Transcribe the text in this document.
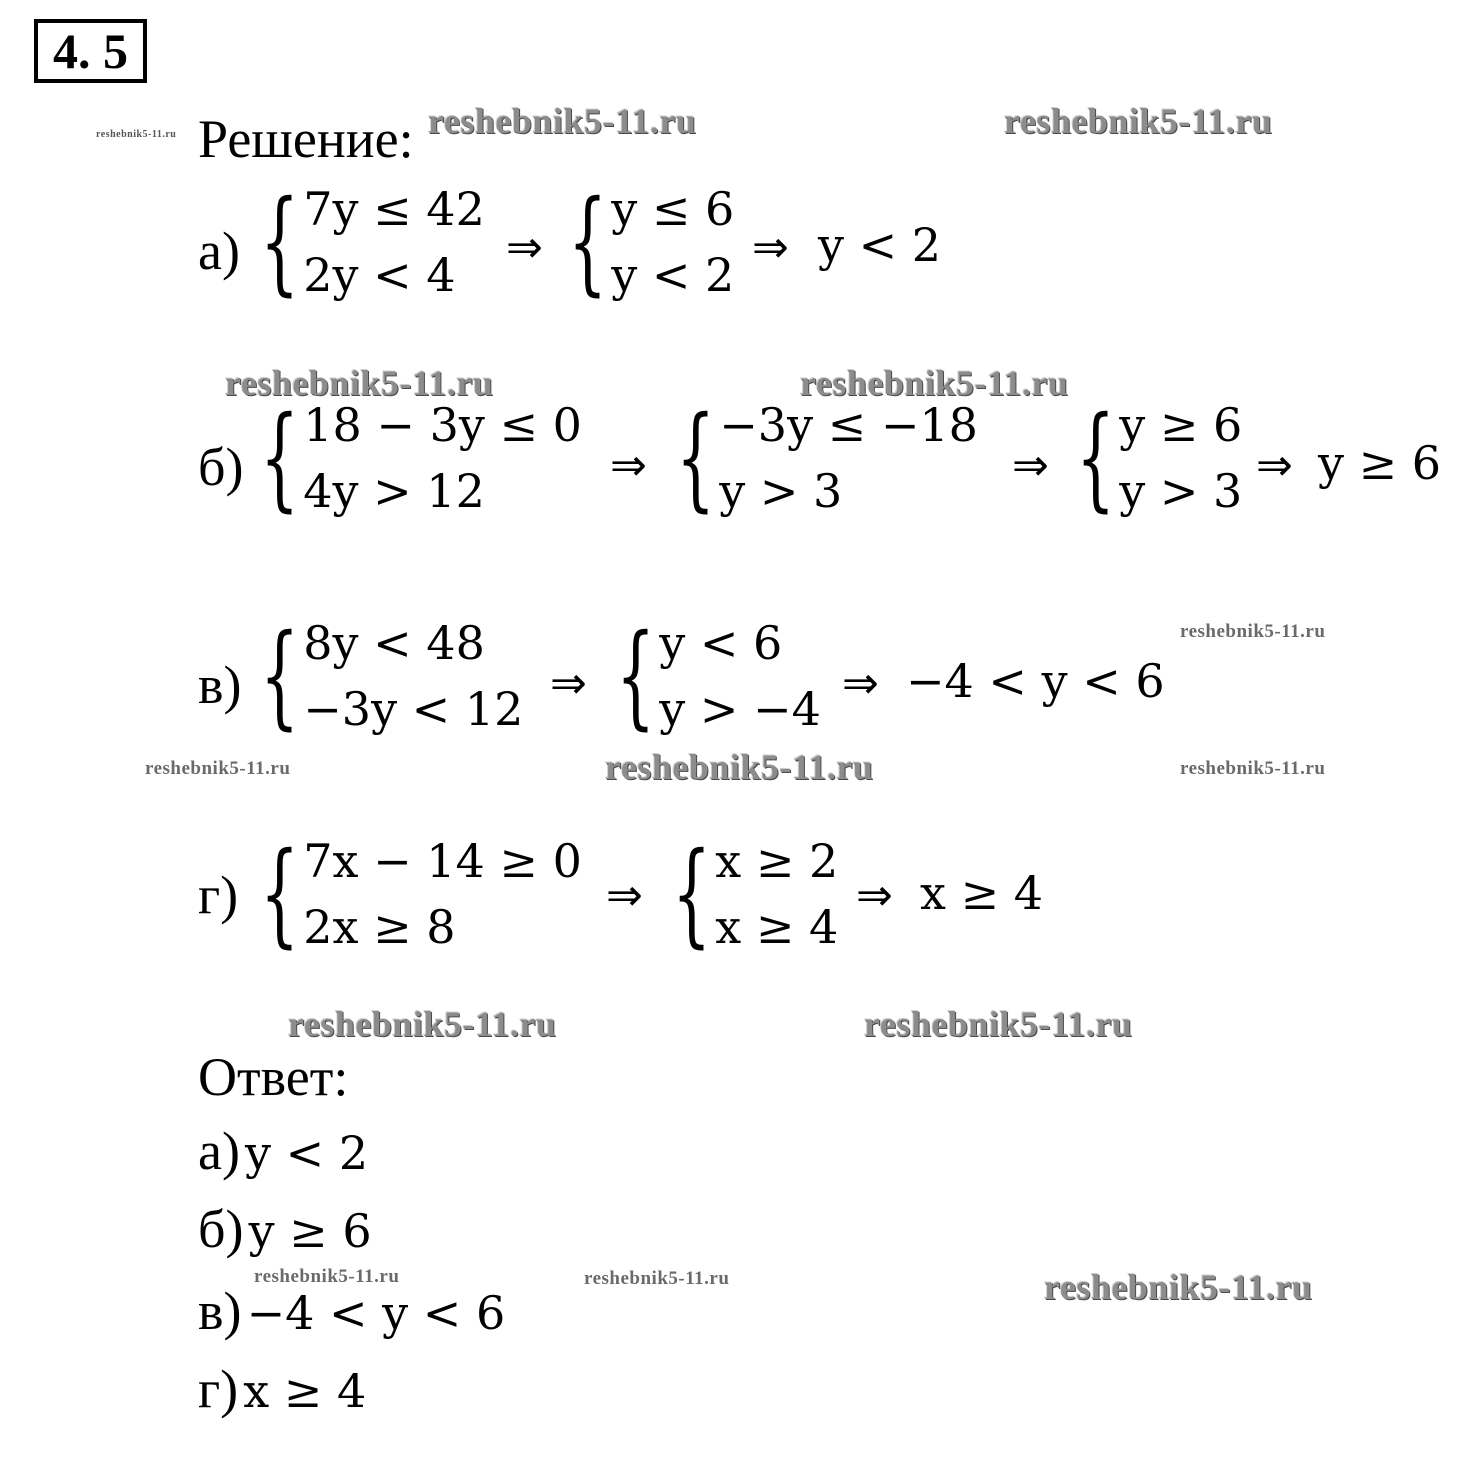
4. 5
Решение:
reshebnik5-11.ru	reshebnik5-11.ru	reshebnik5-11.ru
reshebnik5-11.ru	reshebnik5-11.ru
reshebnik5-11.ru
reshebnik5-11.ru	reshebnik5-11.ru	reshebnik5-11.ru
reshebnik5-11.ru	reshebnik5-11.ru
reshebnik5-11.ru	reshebnik5-11.ru	reshebnik5-11.ru
а) { 7y ≤ 42
2y < 4
⇒ { y ≤ 6
y < 2
⇒ y < 2
б) { 18 − 3y ≤ 0
4y > 12	⇒ { −3y ≤ −18
y > 3	⇒ { y ≥ 6
y > 3 ⇒ y ≥ 6
в) { 8y < 48
−3y < 12 ⇒ { y < 6
y > −4 ⇒ −4 < y < 6
г) { 7x − 14 ≥ 0
2x ≥ 8
⇒ { x ≥ 2
x ≥ 4
⇒ x ≥ 4
Ответ:
а) y < 2
б) y ≥ 6
в) −4 < y < 6
г) x ≥ 4
